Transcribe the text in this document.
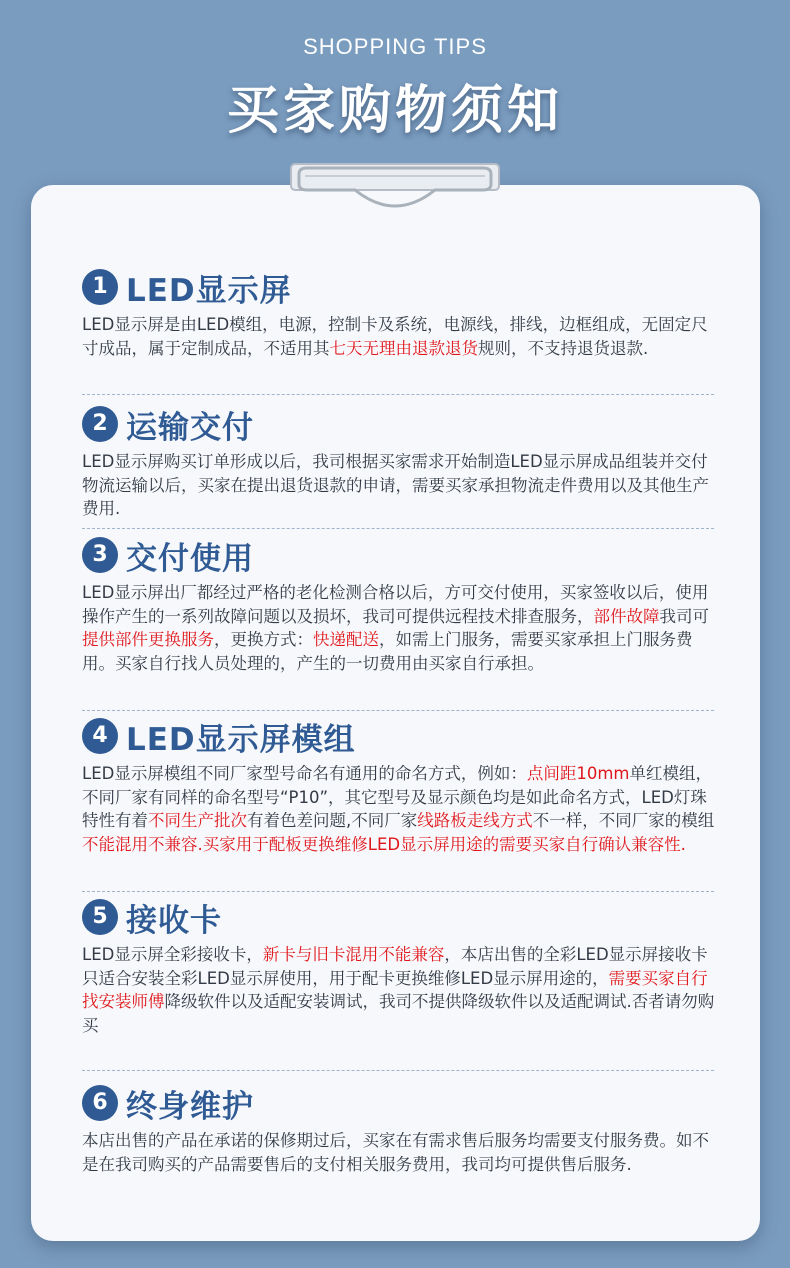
SHOPPING TIPS
买家购物须知
1 LED显示屏
LED显示屏是由LED模组，电源，控制卡及系统，电源线，排线，边框组成，无固定尺寸成品，属于定制成品，不适用其七天无理由退款退货规则，不支持退货退款.
2 运输交付
LED显示屏购买订单形成以后，我司根据买家需求开始制造LED显示屏成品组装并交付物流运输以后，买家在提出退货退款的申请，需要买家承担物流走件费用以及其他生产费用.
3 交付使用
LED显示屏出厂都经过严格的老化检测合格以后，方可交付使用，买家签收以后，使用操作产生的一系列故障问题以及损坏，我司可提供远程技术排查服务，部件故障我司可提供部件更换服务，更换方式：快递配送，如需上门服务，需要买家承担上门服务费用。买家自行找人员处理的，产生的一切费用由买家自行承担。
4 LED显示屏模组
LED显示屏模组不同厂家型号命名有通用的命名方式，例如：点间距10mm单红模组，不同厂家有同样的命名型号“P10”，其它型号及显示颜色均是如此命名方式，LED灯珠特性有着不同生产批次有着色差问题,不同厂家线路板走线方式不一样，不同厂家的模组不能混用不兼容.买家用于配板更换维修LED显示屏用途的需要买家自行确认兼容性.
5 接收卡
LED显示屏全彩接收卡，新卡与旧卡混用不能兼容，本店出售的全彩LED显示屏接收卡只适合安装全彩LED显示屏使用，用于配卡更换维修LED显示屏用途的，需要买家自行找安装师傅降级软件以及适配安装调试，我司不提供降级软件以及适配调试.否者请勿购买
6 终身维护
本店出售的产品在承诺的保修期过后，买家在有需求售后服务均需要支付服务费。如不是在我司购买的产品需要售后的支付相关服务费用，我司均可提供售后服务.
